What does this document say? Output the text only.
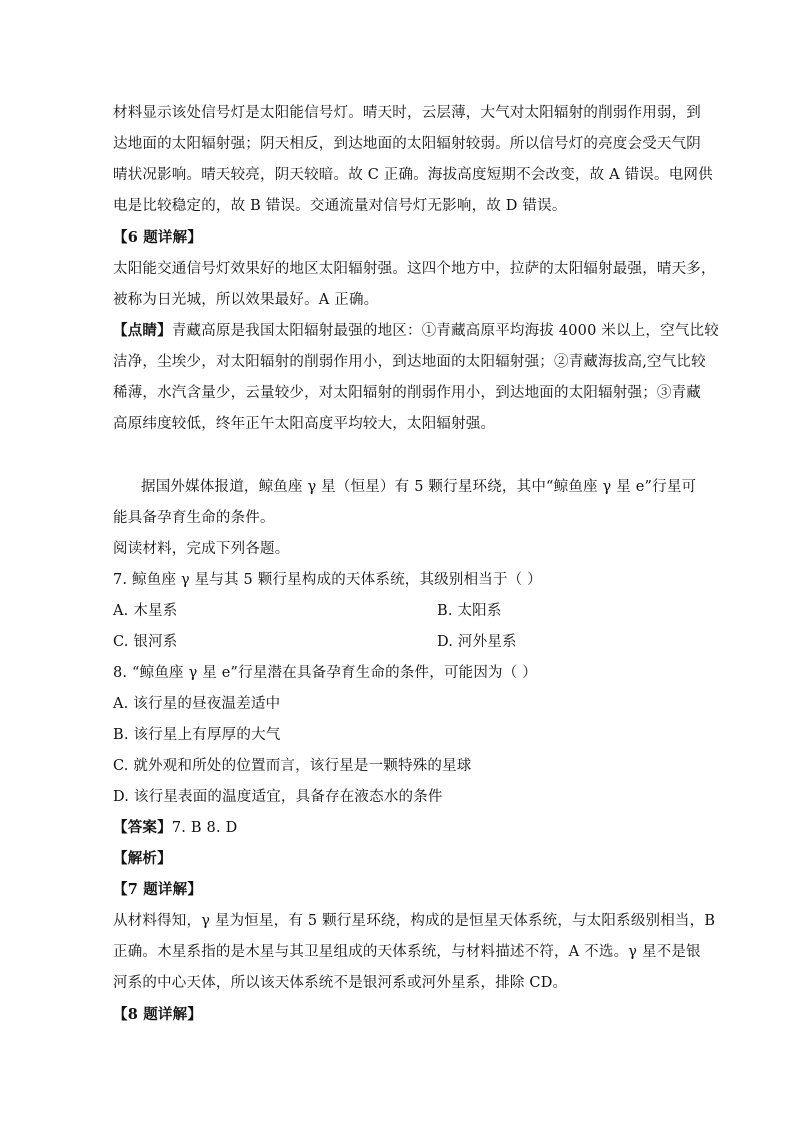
材料显示该处信号灯是太阳能信号灯。晴天时，云层薄，大气对太阳辐射的削弱作用弱，到
达地面的太阳辐射强；阴天相反，到达地面的太阳辐射较弱。所以信号灯的亮度会受天气阴
晴状况影响。晴天较亮，阴天较暗。故 C 正确。海拔高度短期不会改变，故 A 错误。电网供
电是比较稳定的，故 B 错误。交通流量对信号灯无影响，故 D 错误。
【6 题详解】
太阳能交通信号灯效果好的地区太阳辐射强。这四个地方中，拉萨的太阳辐射最强，晴天多，
被称为日光城，所以效果最好。A 正确。
【点睛】青藏高原是我国太阳辐射最强的地区：①青藏高原平均海拔 4000 米以上，空气比较
洁净，尘埃少，对太阳辐射的削弱作用小，到达地面的太阳辐射强；②青藏海拔高,空气比较
稀薄，水汽含量少，云量较少，对太阳辐射的削弱作用小，到达地面的太阳辐射强；③青藏
高原纬度较低，终年正午太阳高度平均较大，太阳辐射强。
据国外媒体报道，鲸鱼座 γ 星（恒星）有 5 颗行星环绕，其中“鲸鱼座 γ 星 e”行星可
能具备孕育生命的条件。
阅读材料，完成下列各题。
7. 鲸鱼座 γ 星与其 5 颗行星构成的天体系统，其级别相当于（ ）
A. 木星系	B. 太阳系
C. 银河系	D. 河外星系
8. “鲸鱼座 γ 星 e”行星潜在具备孕育生命的条件，可能因为（ ）
A. 该行星的昼夜温差适中
B. 该行星上有厚厚的大气
C. 就外观和所处的位置而言，该行星是一颗特殊的星球
D. 该行星表面的温度适宜，具备存在液态水的条件
【答案】7. B 8. D
【解析】
【7 题详解】
从材料得知，γ 星为恒星，有 5 颗行星环绕，构成的是恒星天体系统，与太阳系级别相当，B
正确。木星系指的是木星与其卫星组成的天体系统，与材料描述不符，A 不选。γ 星不是银
河系的中心天体，所以该天体系统不是银河系或河外星系，排除 CD。
【8 题详解】
